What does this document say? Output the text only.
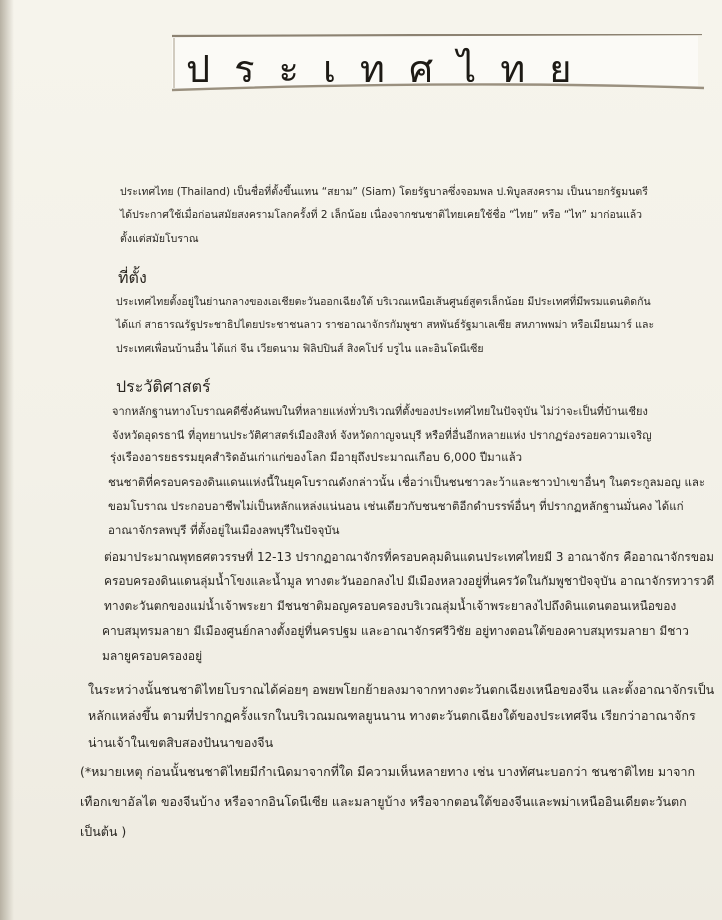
ประเทศไทย
ประเทศไทย (Thailand) เป็นชื่อที่ตั้งขึ้นแทน “สยาม” (Siam) โดยรัฐบาลซึ่งจอมพล ป.พิบูลสงคราม เป็นนายกรัฐมนตรี
ได้ประกาศใช้เมื่อก่อนสมัยสงครามโลกครั้งที่ 2 เล็กน้อย เนื่องจากชนชาติไทยเคยใช้ชื่อ “ไทย” หรือ “ไท” มาก่อนแล้ว
ตั้งแต่สมัยโบราณ
ที่ตั้ง
ประเทศไทยตั้งอยู่ในย่านกลางของเอเชียตะวันออกเฉียงใต้ บริเวณเหนือเส้นศูนย์สูตรเล็กน้อย มีประเทศที่มีพรมแดนติดกัน
ได้แก่ สาธารณรัฐประชาธิปไตยประชาชนลาว ราชอาณาจักรกัมพูชา สหพันธ์รัฐมาเลเซีย สหภาพพม่า หรือเมียนมาร์ และ
ประเทศเพื่อนบ้านอื่น ได้แก่ จีน เวียดนาม ฟิลิปปินส์ สิงคโปร์ บรูไน และอินโดนีเซีย
ประวัติศาสตร์
จากหลักฐานทางโบราณคดีซึ่งค้นพบในที่หลายแห่งทั่วบริเวณที่ตั้งของประเทศไทยในปัจจุบัน ไม่ว่าจะเป็นที่บ้านเชียง
จังหวัดอุดรธานี ที่อุทยานประวัติศาสตร์เมืองสิงห์ จังหวัดกาญจนบุรี หรือที่อื่นอีกหลายแห่ง ปรากฏร่องรอยความเจริญ
รุ่งเรืองอารยธรรมยุคสำริดอันเก่าแก่ของโลก มีอายุถึงประมาณเกือบ 6,000 ปีมาแล้ว
ชนชาติที่ครอบครองดินแดนแห่งนี้ในยุคโบราณดังกล่าวนั้น เชื่อว่าเป็นชนชาวละว้าและชาวป่าเขาอื่นๆ ในตระกูลมอญ และ
ขอมโบราณ ประกอบอาชีพไม่เป็นหลักแหล่งแน่นอน เช่นเดียวกับชนชาติอีกดำบรรพ์อื่นๆ ที่ปรากฏหลักฐานมั่นคง ได้แก่
อาณาจักรลพบุรี ที่ตั้งอยู่ในเมืองลพบุรีในปัจจุบัน
ต่อมาประมาณพุทธศตวรรษที่ 12-13 ปรากฏอาณาจักรที่ครอบคลุมดินแดนประเทศไทยมี 3 อาณาจักร คืออาณาจักรขอม
ครอบครองดินแดนลุ่มน้ำโขงและน้ำมูล ทางตะวันออกลงไป มีเมืองหลวงอยู่ที่นครวัดในกัมพูชาปัจจุบัน อาณาจักรทวารวดี
ทางตะวันตกของแม่น้ำเจ้าพระยา มีชนชาติมอญครอบครองบริเวณลุ่มน้ำเจ้าพระยาลงไปถึงดินแดนตอนเหนือของ
คาบสมุทรมลายา มีเมืองศูนย์กลางตั้งอยู่ที่นครปฐม และอาณาจักรศรีวิชัย อยู่ทางตอนใต้ของคาบสมุทรมลายา มีชาว
มลายูครอบครองอยู่
ในระหว่างนั้นชนชาติไทยโบราณได้ค่อยๆ อพยพโยกย้ายลงมาจากทางตะวันตกเฉียงเหนือของจีน และตั้งอาณาจักรเป็น
หลักแหล่งขึ้น ตามที่ปรากฏครั้งแรกในบริเวณมณฑลยูนนาน ทางตะวันตกเฉียงใต้ของประเทศจีน เรียกว่าอาณาจักร
น่านเจ้าในเขตสิบสองปันนาของจีน
(*หมายเหตุ ก่อนนั้นชนชาติไทยมีกำเนิดมาจากที่ใด มีความเห็นหลายทาง เช่น บางทัศนะบอกว่า ชนชาติไทย มาจาก
เทือกเขาอัลไต ของจีนบ้าง หรือจากอินโดนีเซีย และมลายูบ้าง หรือจากตอนใต้ของจีนและพม่าเหนืออินเดียตะวันตก
เป็นต้น )
